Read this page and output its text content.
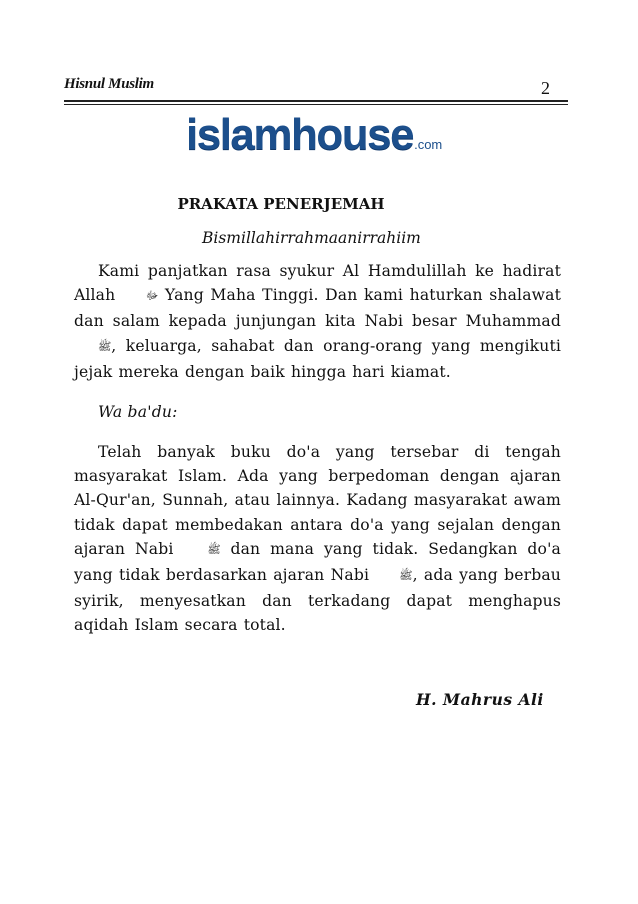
Hisnul Muslim	2
islamhouse.com
PRAKATA PENERJEMAH
Bismillahirrahmaanirrahiim
Kami panjatkan rasa syukur Al Hamdulillah ke hadirat Allah ﷻ Yang Maha Tinggi. Dan kami haturkan shalawat dan salam kepada junjungan kita Nabi besar Muhammad ﷺ, keluarga, sahabat dan orang-orang yang mengikuti jejak mereka dengan baik hingga hari kiamat.
Wa ba'du:
Telah banyak buku do'a yang tersebar di tengah masyarakat Islam. Ada yang berpedoman dengan ajaran Al-Qur'an, Sunnah, atau lainnya. Kadang masyarakat awam tidak dapat membedakan antara do'a yang sejalan dengan ajaran Nabi ﷺ dan mana yang tidak. Sedangkan do'a yang tidak berdasarkan ajaran Nabi ﷺ, ada yang berbau syirik, menyesatkan dan terkadang dapat menghapus aqidah Islam secara total.
H. Mahrus Ali
